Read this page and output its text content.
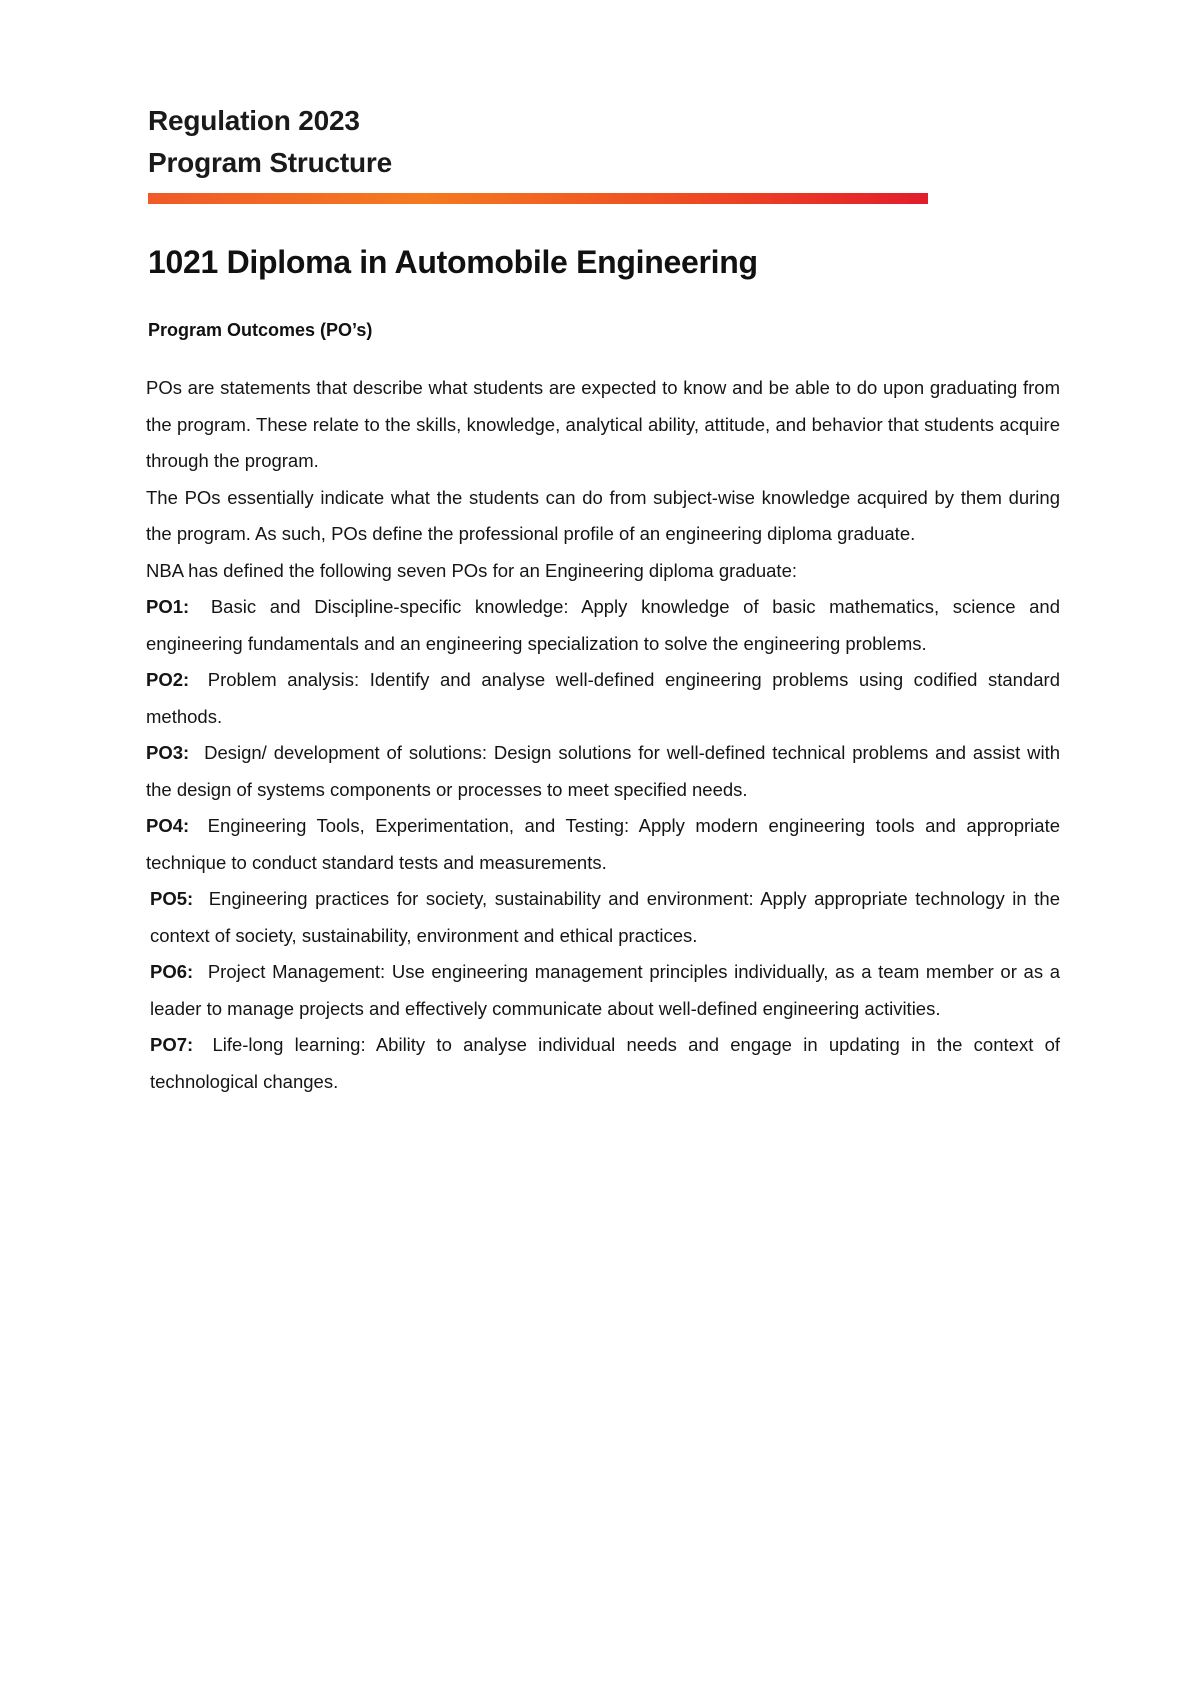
Regulation 2023
Program Structure
1021 Diploma in Automobile Engineering
Program Outcomes (PO’s)

POs are statements that describe what students are expected to know and be able to do upon graduating from the program. These relate to the skills, knowledge, analytical ability, attitude, and behavior that students acquire through the program.

The POs essentially indicate what the students can do from subject-wise knowledge acquired by them during the program. As such, POs define the professional profile of an engineering diploma graduate.

NBA has defined the following seven POs for an Engineering diploma graduate:

PO1: Basic and Discipline-specific knowledge: Apply knowledge of basic mathematics, science and engineering fundamentals and an engineering specialization to solve the engineering problems.

PO2: Problem analysis: Identify and analyse well-defined engineering problems using codified standard methods.

PO3: Design/ development of solutions: Design solutions for well-defined technical problems and assist with the design of systems components or processes to meet specified needs.

PO4: Engineering Tools, Experimentation, and Testing: Apply modern engineering tools and appropriate technique to conduct standard tests and measurements.

PO5: Engineering practices for society, sustainability and environment: Apply appropriate technology in the context of society, sustainability, environment and ethical practices.

PO6: Project Management: Use engineering management principles individually, as a team member or as a leader to manage projects and effectively communicate about well-defined engineering activities.

PO7: Life-long learning: Ability to analyse individual needs and engage in updating in the context of technological changes.
